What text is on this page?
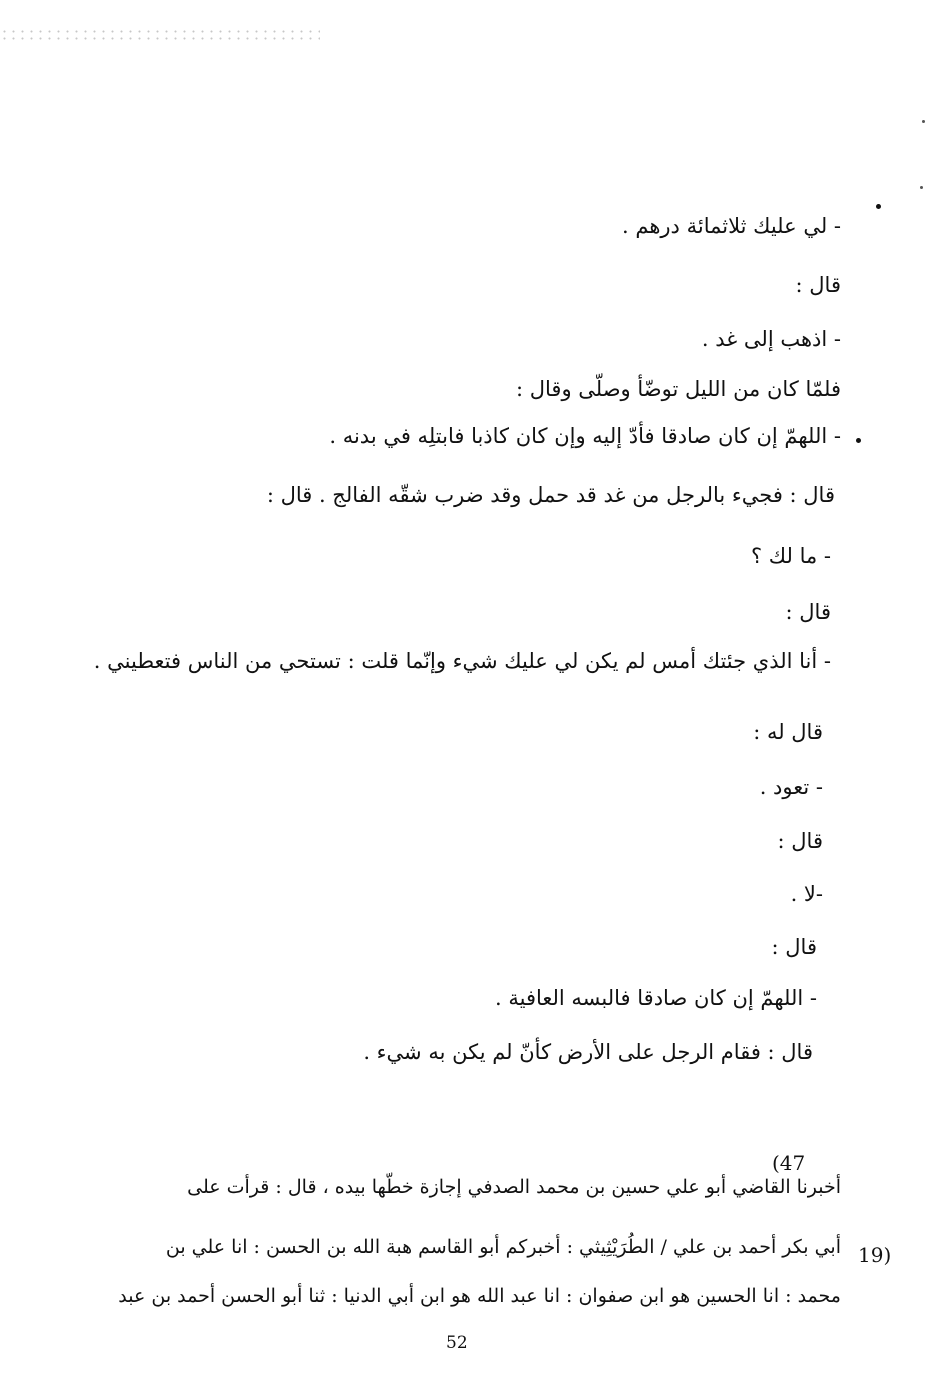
- لي عليك ثلاثمائة درهم .

قال :

- اذهب إلى غد .

فلمّا كان من الليل توضّأ وصلّى وقال :

- اللهمّ إن كان صادقا فأدّ إليه وإن كان كاذبا فابتلِه في بدنه .

قال : فجيء بالرجل من غد قد حمل وقد ضرب شقّه الفالج . قال :

- ما لك ؟

قال :

- أنا الذي جئتك أمس لم يكن لي عليك شيء وإنّما قلت : تستحي من الناس فتعطيني .

قال له :

- تعود .

قال :

-لا .

قال :

- اللهمّ إن كان صادقا فالبسه العافية .

قال : فقام الرجل على الأرض كأنّ لم يكن به شيء .

(47

أخبرنا القاضي أبو علي حسين بن محمد الصدفي إجازة خطّها بيده ، قال : قرأت على

19)

أبي بكر أحمد بن علي / الطُرَيْثِيثي : أخبركم أبو القاسم هبة الله بن الحسن : انا علي بن

محمد : انا الحسين هو ابن صفوان : انا عبد الله هو ابن أبي الدنيا : ثنا أبو الحسن أحمد بن عبد

52
